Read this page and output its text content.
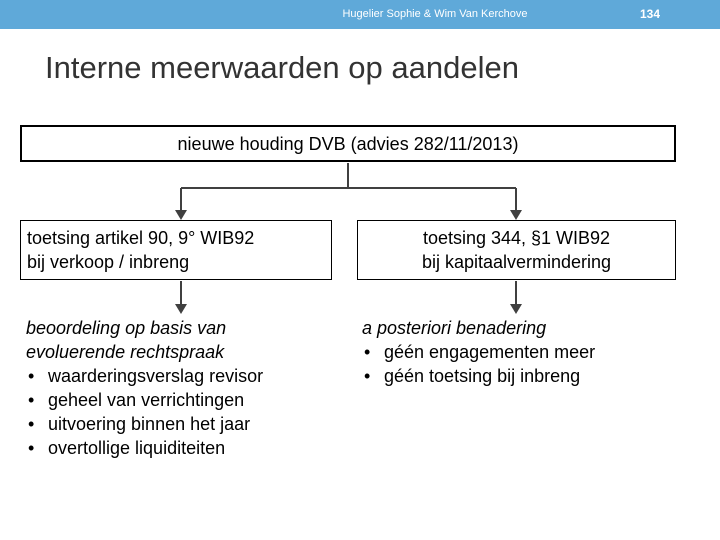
Hugelier Sophie & Wim Van Kerchove	134
Interne meerwaarden op aandelen
nieuwe houding DVB (advies 282/11/2013)
toetsing artikel 90, 9° WIB92
bij verkoop / inbreng
toetsing 344, §1 WIB92
bij kapitaalvermindering
beoordeling op basis van
evoluerende rechtspraak
• waarderingsverslag revisor
• geheel van verrichtingen
• uitvoering binnen het jaar
• overtollige liquiditeiten
a posteriori benadering
• géén engagementen meer
• géén toetsing bij inbreng
